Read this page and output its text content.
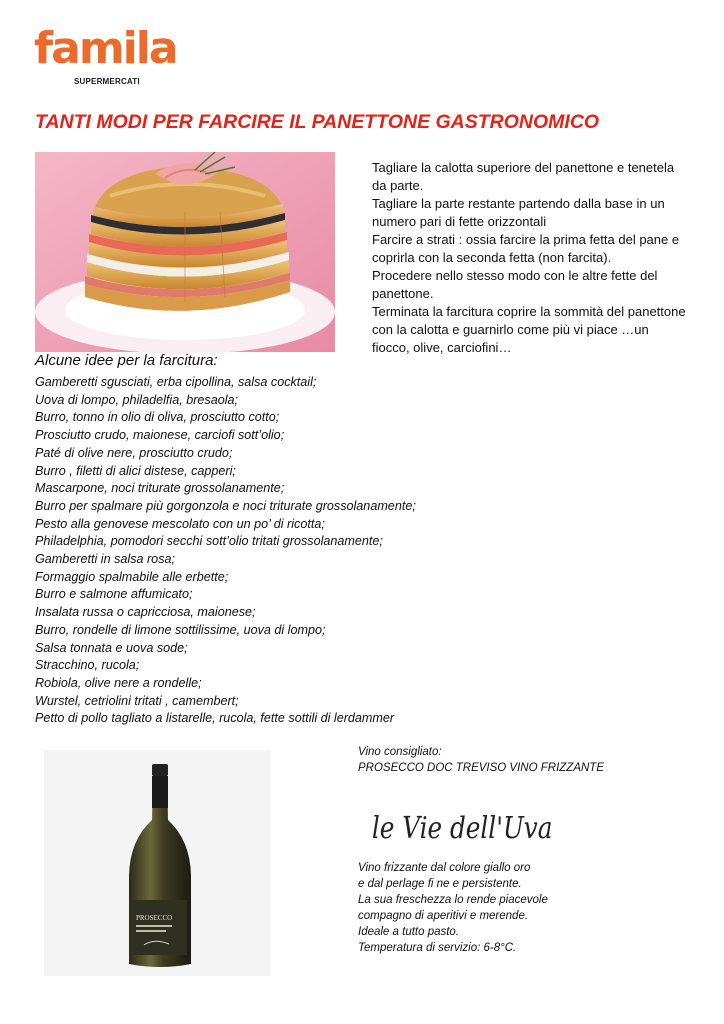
famila
SUPERMERCATI
TANTI MODI PER FARCIRE IL PANETTONE GASTRONOMICO
Tagliare la calotta superiore del panettone e tenetela da parte.
Tagliare la parte restante partendo dalla base in un numero pari di fette orizzontali
Farcire a strati : ossia farcire la prima fetta del pane e coprirla con la seconda fetta (non farcita).
Procedere nello stesso modo con le altre fette del panettone.
Terminata la farcitura coprire la sommità del panettone con la calotta e guarnirlo come più vi piace …un fiocco, olive, carciofini…
Alcune idee per la farcitura:
Gamberetti sgusciati, erba cipollina, salsa cocktail;
Uova di lompo, philadelfia, bresaola;
Burro, tonno in olio di oliva, prosciutto cotto;
Prosciutto crudo, maionese, carciofi sott’olio;
Paté di olive nere, prosciutto crudo;
Burro , filetti di alici distese, capperi;
Mascarpone, noci triturate grossolanamente;
Burro per spalmare più gorgonzola e noci triturate grossolanamente;
Pesto alla genovese mescolato con un po’ di ricotta;
Philadelphia, pomodori secchi sott’olio tritati grossolanamente;
Gamberetti in salsa rosa;
Formaggio spalmabile alle erbette;
Burro e salmone affumicato;
Insalata russa o capricciosa, maionese;
Burro, rondelle di limone sottilissime, uova di lompo;
Salsa tonnata e uova sode;
Stracchino, rucola;
Robiola, olive nere a rondelle;
Wurstel, cetriolini tritati , camembert;
Petto di pollo tagliato a listarelle, rucola, fette sottili di lerdammer
PROSECCO
Vino consigliato:
PROSECCO DOC TREVISO VINO FRIZZANTE
le Vie dell'Uva
Vino frizzante dal colore giallo oro
e dal perlage fi ne e persistente.
La sua freschezza lo rende piacevole
compagno di aperitivi e merende.
Ideale a tutto pasto.
Temperatura di servizio: 6-8°C.
